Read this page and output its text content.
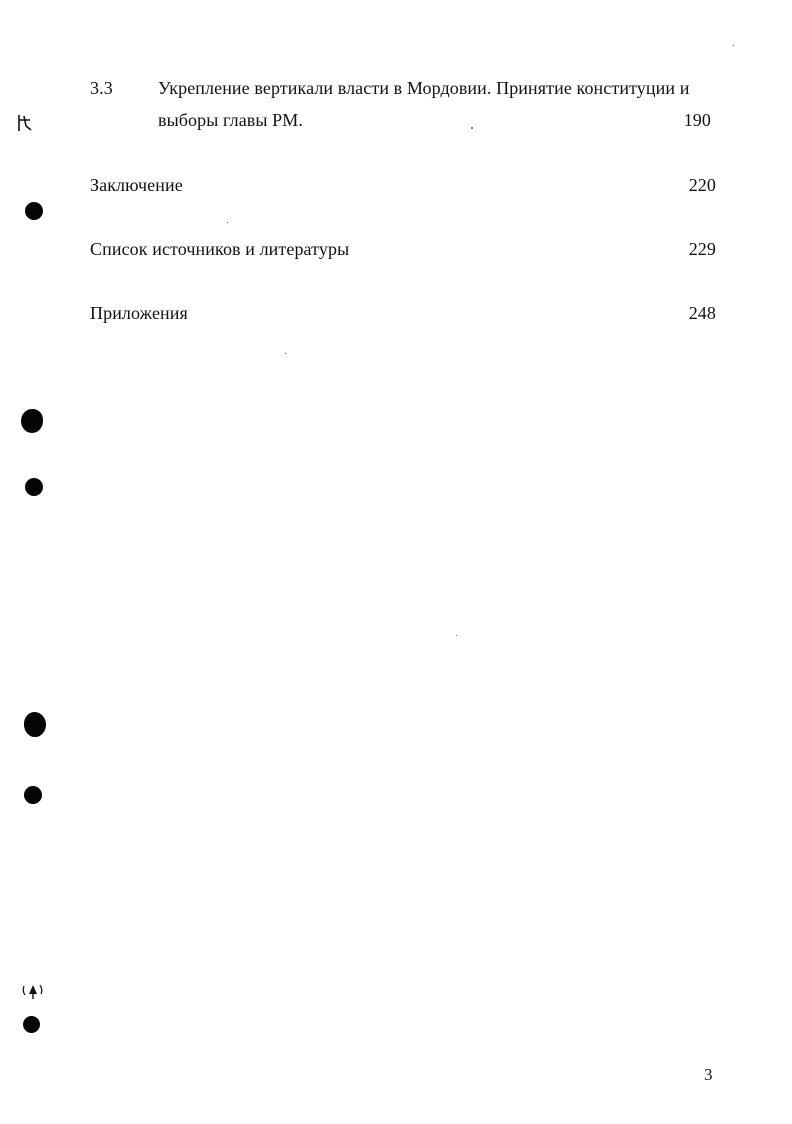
3.3	Укрепление вертикали власти в Мордовии. Принятие конституции и
выборы главы РМ.	190
Заключение	220
Список источников и литературы	229
Приложения	248
3
